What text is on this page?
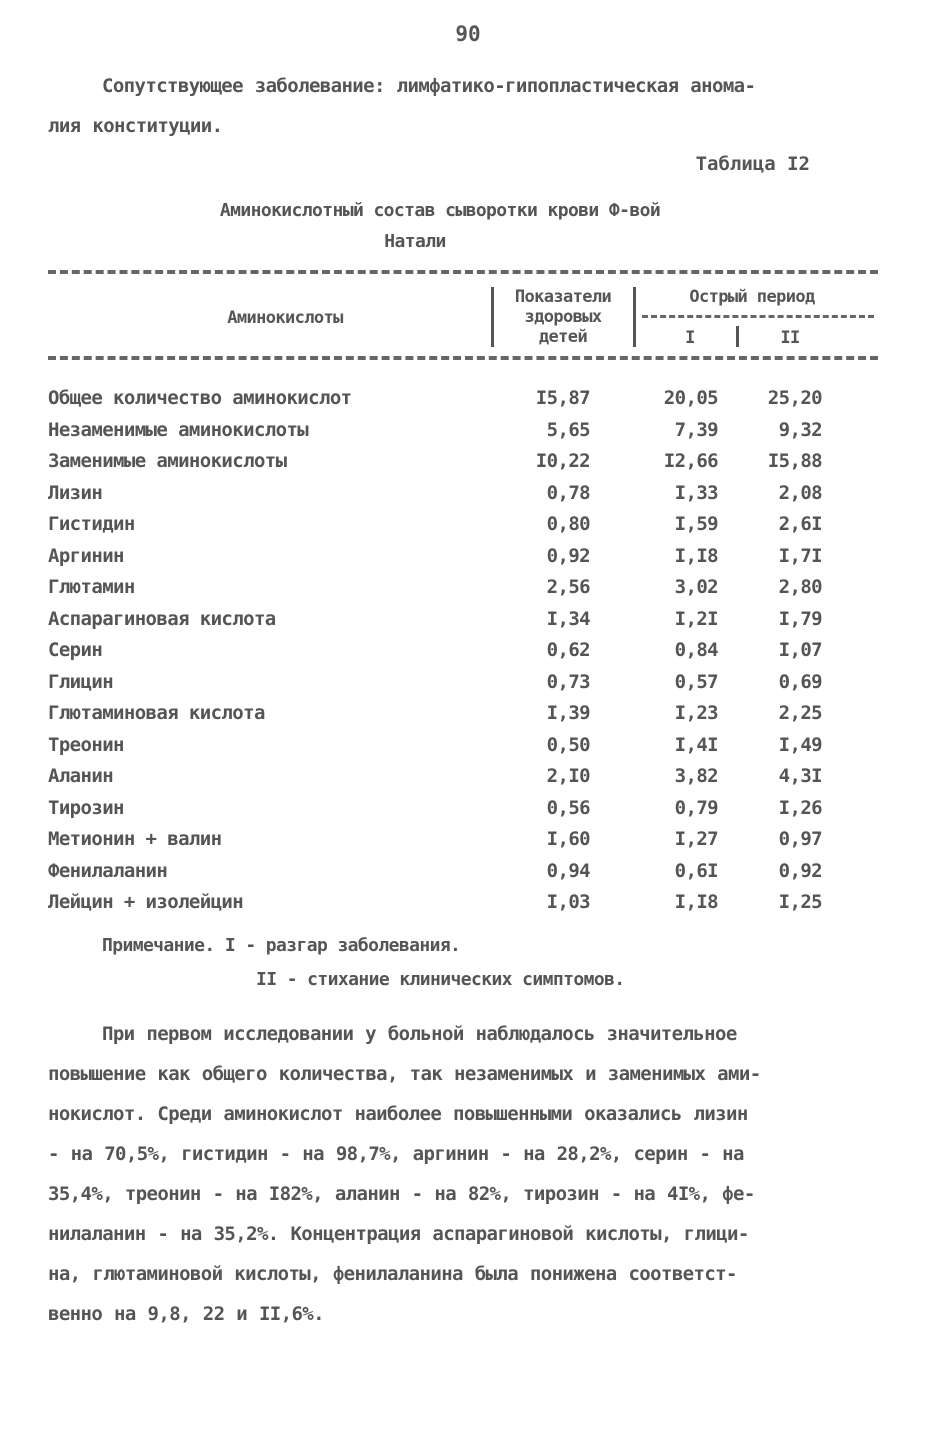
90
Сопутствующее заболевание: лимфатико-гипопластическая анома-
лия конституции.
Таблица I2
Аминокислотный состав сыворотки крови Ф-вой
Натали
Аминокислоты
Показатели
здоровых
детей
Острый период
I	II
Общее количество аминокислот	I5,87	20,05	25,20
Незаменимые аминокислоты	5,65	7,39	9,32
Заменимые аминокислоты	I0,22	I2,66	I5,88
Лизин	0,78	I,33	2,08
Гистидин	0,80	I,59	2,6I
Аргинин	0,92	I,I8	I,7I
Глютамин	2,56	3,02	2,80
Аспарагиновая кислота	I,34	I,2I	I,79
Серин	0,62	0,84	I,07
Глицин	0,73	0,57	0,69
Глютаминовая кислота	I,39	I,23	2,25
Треонин	0,50	I,4I	I,49
Аланин	2,I0	3,82	4,3I
Тирозин	0,56	0,79	I,26
Метионин + валин	I,60	I,27	0,97
Фенилаланин	0,94	0,6I	0,92
Лейцин + изолейцин	I,03	I,I8	I,25
Примечание. I - разгар заболевания.
II - стихание клинических симптомов.
При первом исследовании у больной наблюдалось значительное
повышение как общего количества, так незаменимых и заменимых ами-
нокислот. Среди аминокислот наиболее повышенными оказались лизин
- на 70,5%, гистидин - на 98,7%, аргинин - на 28,2%, серин - на
35,4%, треонин - на I82%, аланин - на 82%, тирозин - на 4I%, фе-
нилаланин - на 35,2%. Концентрация аспарагиновой кислоты, глици-
на, глютаминовой кислоты, фенилаланина была понижена соответст-
венно на 9,8, 22 и II,6%.
